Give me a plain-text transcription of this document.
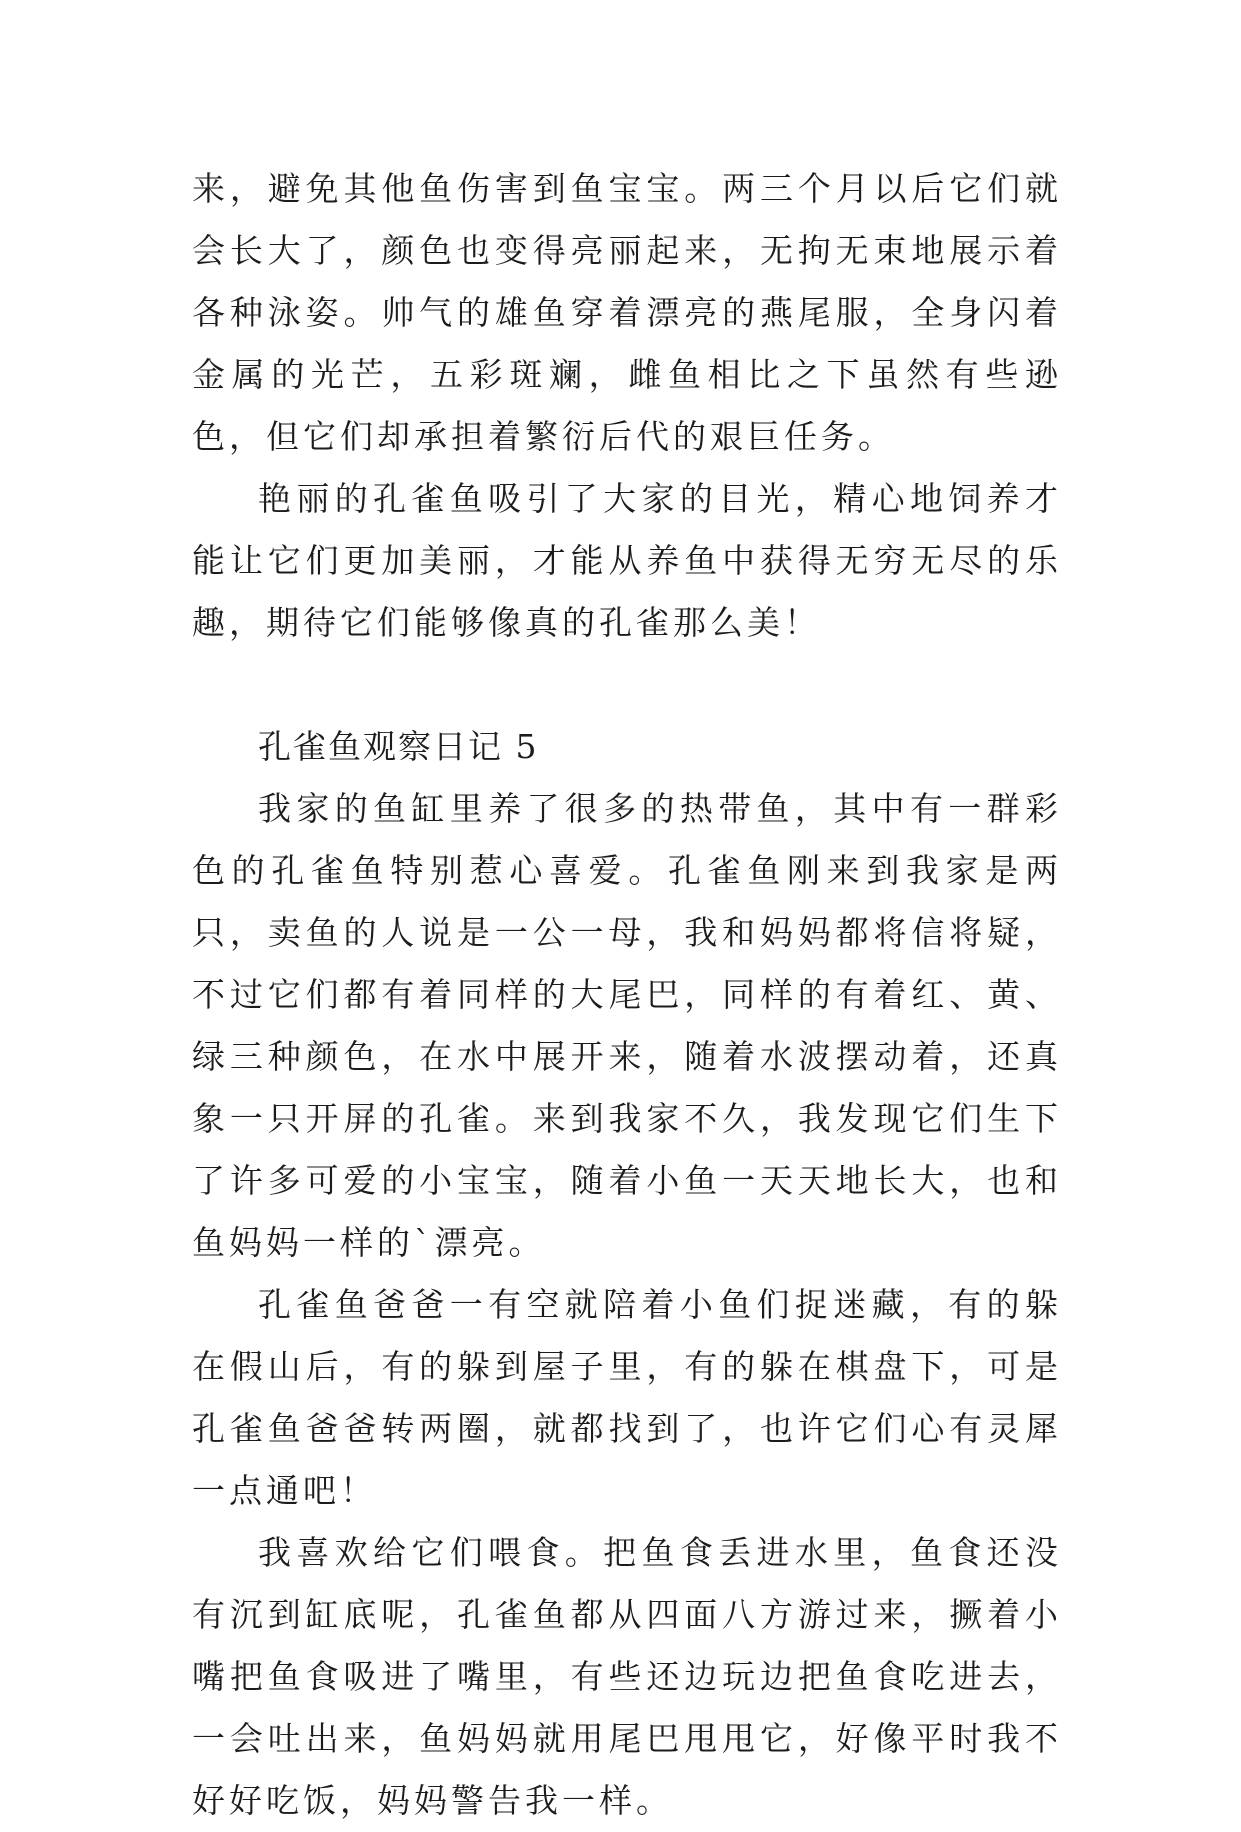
来，避免其他鱼伤害到鱼宝宝。两三个月以后它们就会长大了，颜色也变得亮丽起来，无拘无束地展示着各种泳姿。帅气的雄鱼穿着漂亮的燕尾服，全身闪着金属的光芒，五彩斑斓，雌鱼相比之下虽然有些逊色，但它们却承担着繁衍后代的艰巨任务。

艳丽的孔雀鱼吸引了大家的目光，精心地饲养才能让它们更加美丽，才能从养鱼中获得无穷无尽的乐趣，期待它们能够像真的孔雀那么美！

孔雀鱼观察日记 5

我家的鱼缸里养了很多的热带鱼，其中有一群彩色的孔雀鱼特别惹心喜爱。孔雀鱼刚来到我家是两只，卖鱼的人说是一公一母，我和妈妈都将信将疑，不过它们都有着同样的大尾巴，同样的有着红、黄、绿三种颜色，在水中展开来，随着水波摆动着，还真象一只开屏的孔雀。来到我家不久，我发现它们生下了许多可爱的小宝宝，随着小鱼一天天地长大，也和鱼妈妈一样的`漂亮。

孔雀鱼爸爸一有空就陪着小鱼们捉迷藏，有的躲在假山后，有的躲到屋子里，有的躲在棋盘下，可是孔雀鱼爸爸转两圈，就都找到了，也许它们心有灵犀一点通吧！

我喜欢给它们喂食。把鱼食丢进水里，鱼食还没有沉到缸底呢，孔雀鱼都从四面八方游过来，撅着小嘴把鱼食吸进了嘴里，有些还边玩边把鱼食吃进去，一会吐出来，鱼妈妈就用尾巴甩甩它，好像平时我不好好吃饭，妈妈警告我一样。
